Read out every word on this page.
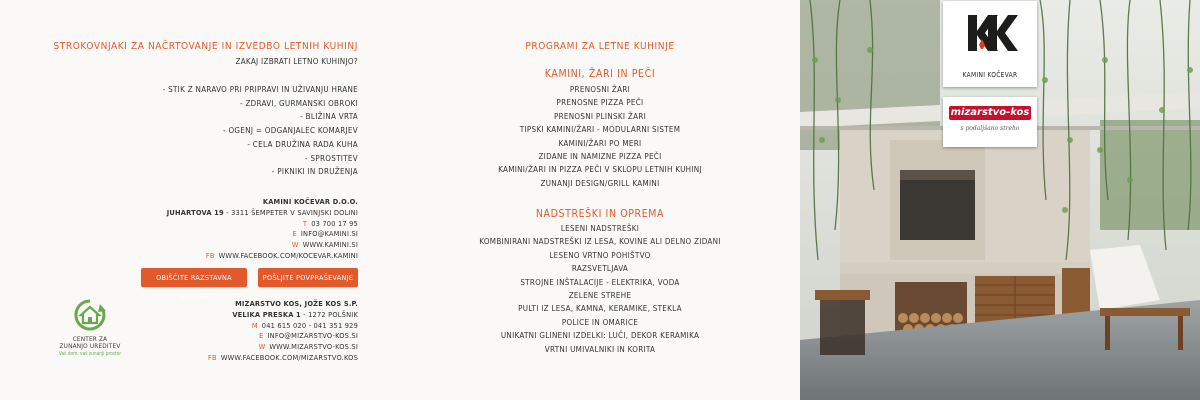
STROKOVNJAKI ZA NAČRTOVANJE IN IZVEDBO LETNIH KUHINJ
ZAKAJ IZBRATI LETNO KUHINJO?
- STIK Z NARAVO PRI PRIPRAVI IN UŽIVANJU HRANE
- ZDRAVI, GURMANSKI OBROKI
- BLIŽINA VRTA
- OGENJ = ODGANJALEC KOMARJEV
- CELA DRUŽINA RADA KUHA
- SPROSTITEV
- PIKNIKI IN DRUŽENJA
KAMINI KOČEVAR D.O.O.
JUHARTOVA 19 - 3311 ŠEMPETER V SAVINJSKI DOLINI
T 03 700 17 95
E INFO@KAMINI.SI
W WWW.KAMINI.SI
FB WWW.FACEBOOK.COM/KOCEVAR.KAMINI
OBIŠČITE RAZSTAVNA SALONA
POŠLJITE POVPRAŠEVANJE
MIZARSTVO KOS, JOŽE KOS S.P.
VELIKA PRESKA 1 - 1272 POLŠNIK
M 041 615 020 - 041 351 929
E INFO@MIZARSTVO-KOS.SI
W WWW.MIZARSTVO-KOS.SI
FB WWW.FACEBOOK.COM/MIZARSTVO.KOS
CENTER ZA
ZUNANJO UREDITEV
Vaš dom, vaš zunanji prostor
PROGRAMI ZA LETNE KUHINJE
KAMINI, ŽARI IN PEČI
PRENOSNI ŽARI
PRENOSNE PIZZA PEČI
PRENOSNI PLINSKI ŽARI
TIPSKI KAMINI/ŽARI - MODULARNI SISTEM
KAMINI/ŽARI PO MERI
ZIDANE IN NAMIZNE PIZZA PEČI
KAMINI/ŽARI IN PIZZA PEČI V SKLOPU LETNIH KUHINJ
ZUNANJI DESIGN/GRILL KAMINI
NADSTREŠKI IN OPREMA
LESENI NADSTREŠKI
KOMBINIRANI NADSTREŠKI IZ LESA, KOVINE ALI DELNO ZIDANI
LESENO VRTNO POHIŠTVO
RAZSVETLJAVA
STROJNE INŠTALACIJE - ELEKTRIKA, VODA
ZELENE STREHE
PULTI IZ LESA, KAMNA, KERAMIKE, STEKLA
POLICE IN OMARICE
UNIKATNI GLINENI IZDELKI: LUČI, DEKOR KERAMIKA
VRTNI UMIVALNIKI IN KORITA
KAMINI KOČEVAR
mizarstvo-kos
s podaljšano streho
